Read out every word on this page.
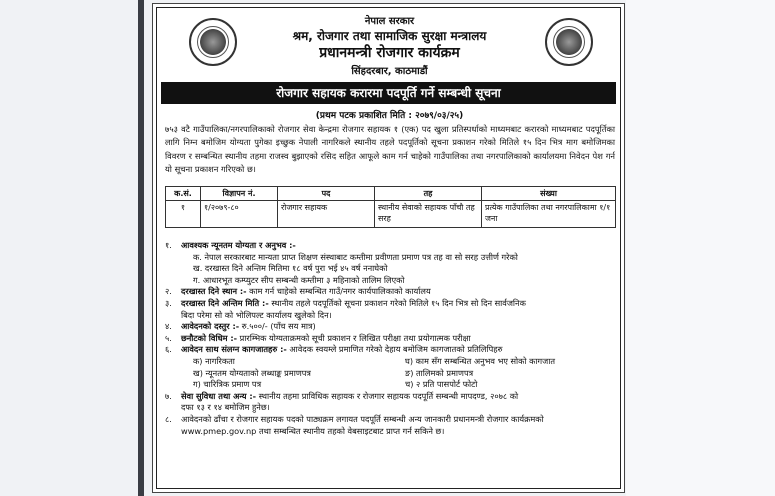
नेपाल सरकार
श्रम, रोजगार तथा सामाजिक सुरक्षा मन्त्रालय
प्रधानमन्त्री रोजगार कार्यक्रम
सिंहदरबार, काठमाडौं
रोजगार सहायक करारमा पदपूर्ति गर्ने सम्बन्धी सूचना
(प्रथम पटक प्रकाशित मिति : २०७९/०३/२५)
७५३ वटै गाउँपालिका/नगरपालिकाको रोजगार सेवा केन्द्रमा रोजगार सहायक १ (एक) पद खुला प्रतिस्पर्धाको माध्यमबाट करारको माध्यमबाट पदपूर्तिका लागि निम्न बमोजिम योग्यता पुगेका इच्छुक नेपाली नागरिकले स्थानीय तहले पदपूर्तिको सूचना प्रकाशन गरेको मितिले १५ दिन भित्र माग बमोजिमका विवरण र सम्बन्धित स्थानीय तहमा राजस्व बुझाएको रसिद सहित आफूले काम गर्न चाहेको गाउँपालिका तथा नगरपालिकाको कार्यालयमा निवेदन पेश गर्न यो सूचना प्रकाशन गरिएको छ।
क.सं.	विज्ञापन नं.	पद	तह	संख्या
१	१/२०७९-८०	रोजगार सहायक	स्थानीय सेवाको सहायक पाँचौ तह सरह	प्रत्येक गाउँपालिका तथा नगरपालिकामा १/१ जना
१. आवश्यक न्यूनतम योग्यता र अनुभव :-
क. नेपाल सरकारबाट मान्यता प्राप्त शिक्षण संस्थाबाट कम्तीमा प्रवीणता प्रमाण पत्र तह वा सो सरह उत्तीर्ण गरेको
ख. दरखास्त दिने अन्तिम मितिमा १८ वर्ष पुरा भई ४५ वर्ष ननाघेको
ग. आधारभूत कम्प्युटर सीप सम्बन्धी कम्तीमा ३ महिनाको तालिम लिएको
२. दरखास्त दिने स्थान :- काम गर्न चाहेको सम्बन्धित गाउँ/नगर कार्यपालिकाको कार्यालय
३. दरखास्त दिने अन्तिम मिति :- स्थानीय तहले पदपूर्तिको सूचना प्रकाशन गरेको मितिले १५ दिन भित्र सो दिन सार्वजनिक
बिदा परेमा सो को भोलिपल्ट कार्यालय खुलेको दिन।
४. आवेदनको दस्तुर :- रु.५००/- (पाँच सय मात्र)
५. छनौटको विधिम :- प्रारम्भिक योग्यताक्रमको सूची प्रकाशन र लिखित परीक्षा तथा प्रयोगात्मक परीक्षा
६. आवेदन साथ संलग्न कागजातहरु :- आवेदक स्वयम्ले प्रमाणित गरेको देहाय बमोजिम कागजातको प्रतिलिपिहरु
क) नागरिकता	घ) काम सँग सम्बन्धित अनुभव भए सोको कागजात
ख) न्यूनतम योग्यताको लब्धाङ्क प्रमाणपत्र	ङ) तालिमको प्रमाणपत्र
ग) चारित्रिक प्रमाण पत्र	च) २ प्रति पासपोर्ट फोटो
७. सेवा सुविधा तथा अन्य :- स्थानीय तहमा प्राविधिक सहायक र रोजगार सहायक पदपूर्ति सम्बन्धी मापदण्ड, २०७८ को
दफा १३ र १४ बमोजिम हुनेछ।
८. आवेदनको ढाँचा र रोजगार सहायक पदको पाठ्यक्रम लगायत पदपूर्ति सम्बन्धी अन्य जानकारी प्रधानमन्त्री रोजगार कार्यक्रमको
www.pmep.gov.np तथा सम्बन्धित स्थानीय तहको वेबसाइटबाट प्राप्त गर्न सकिने छ।
